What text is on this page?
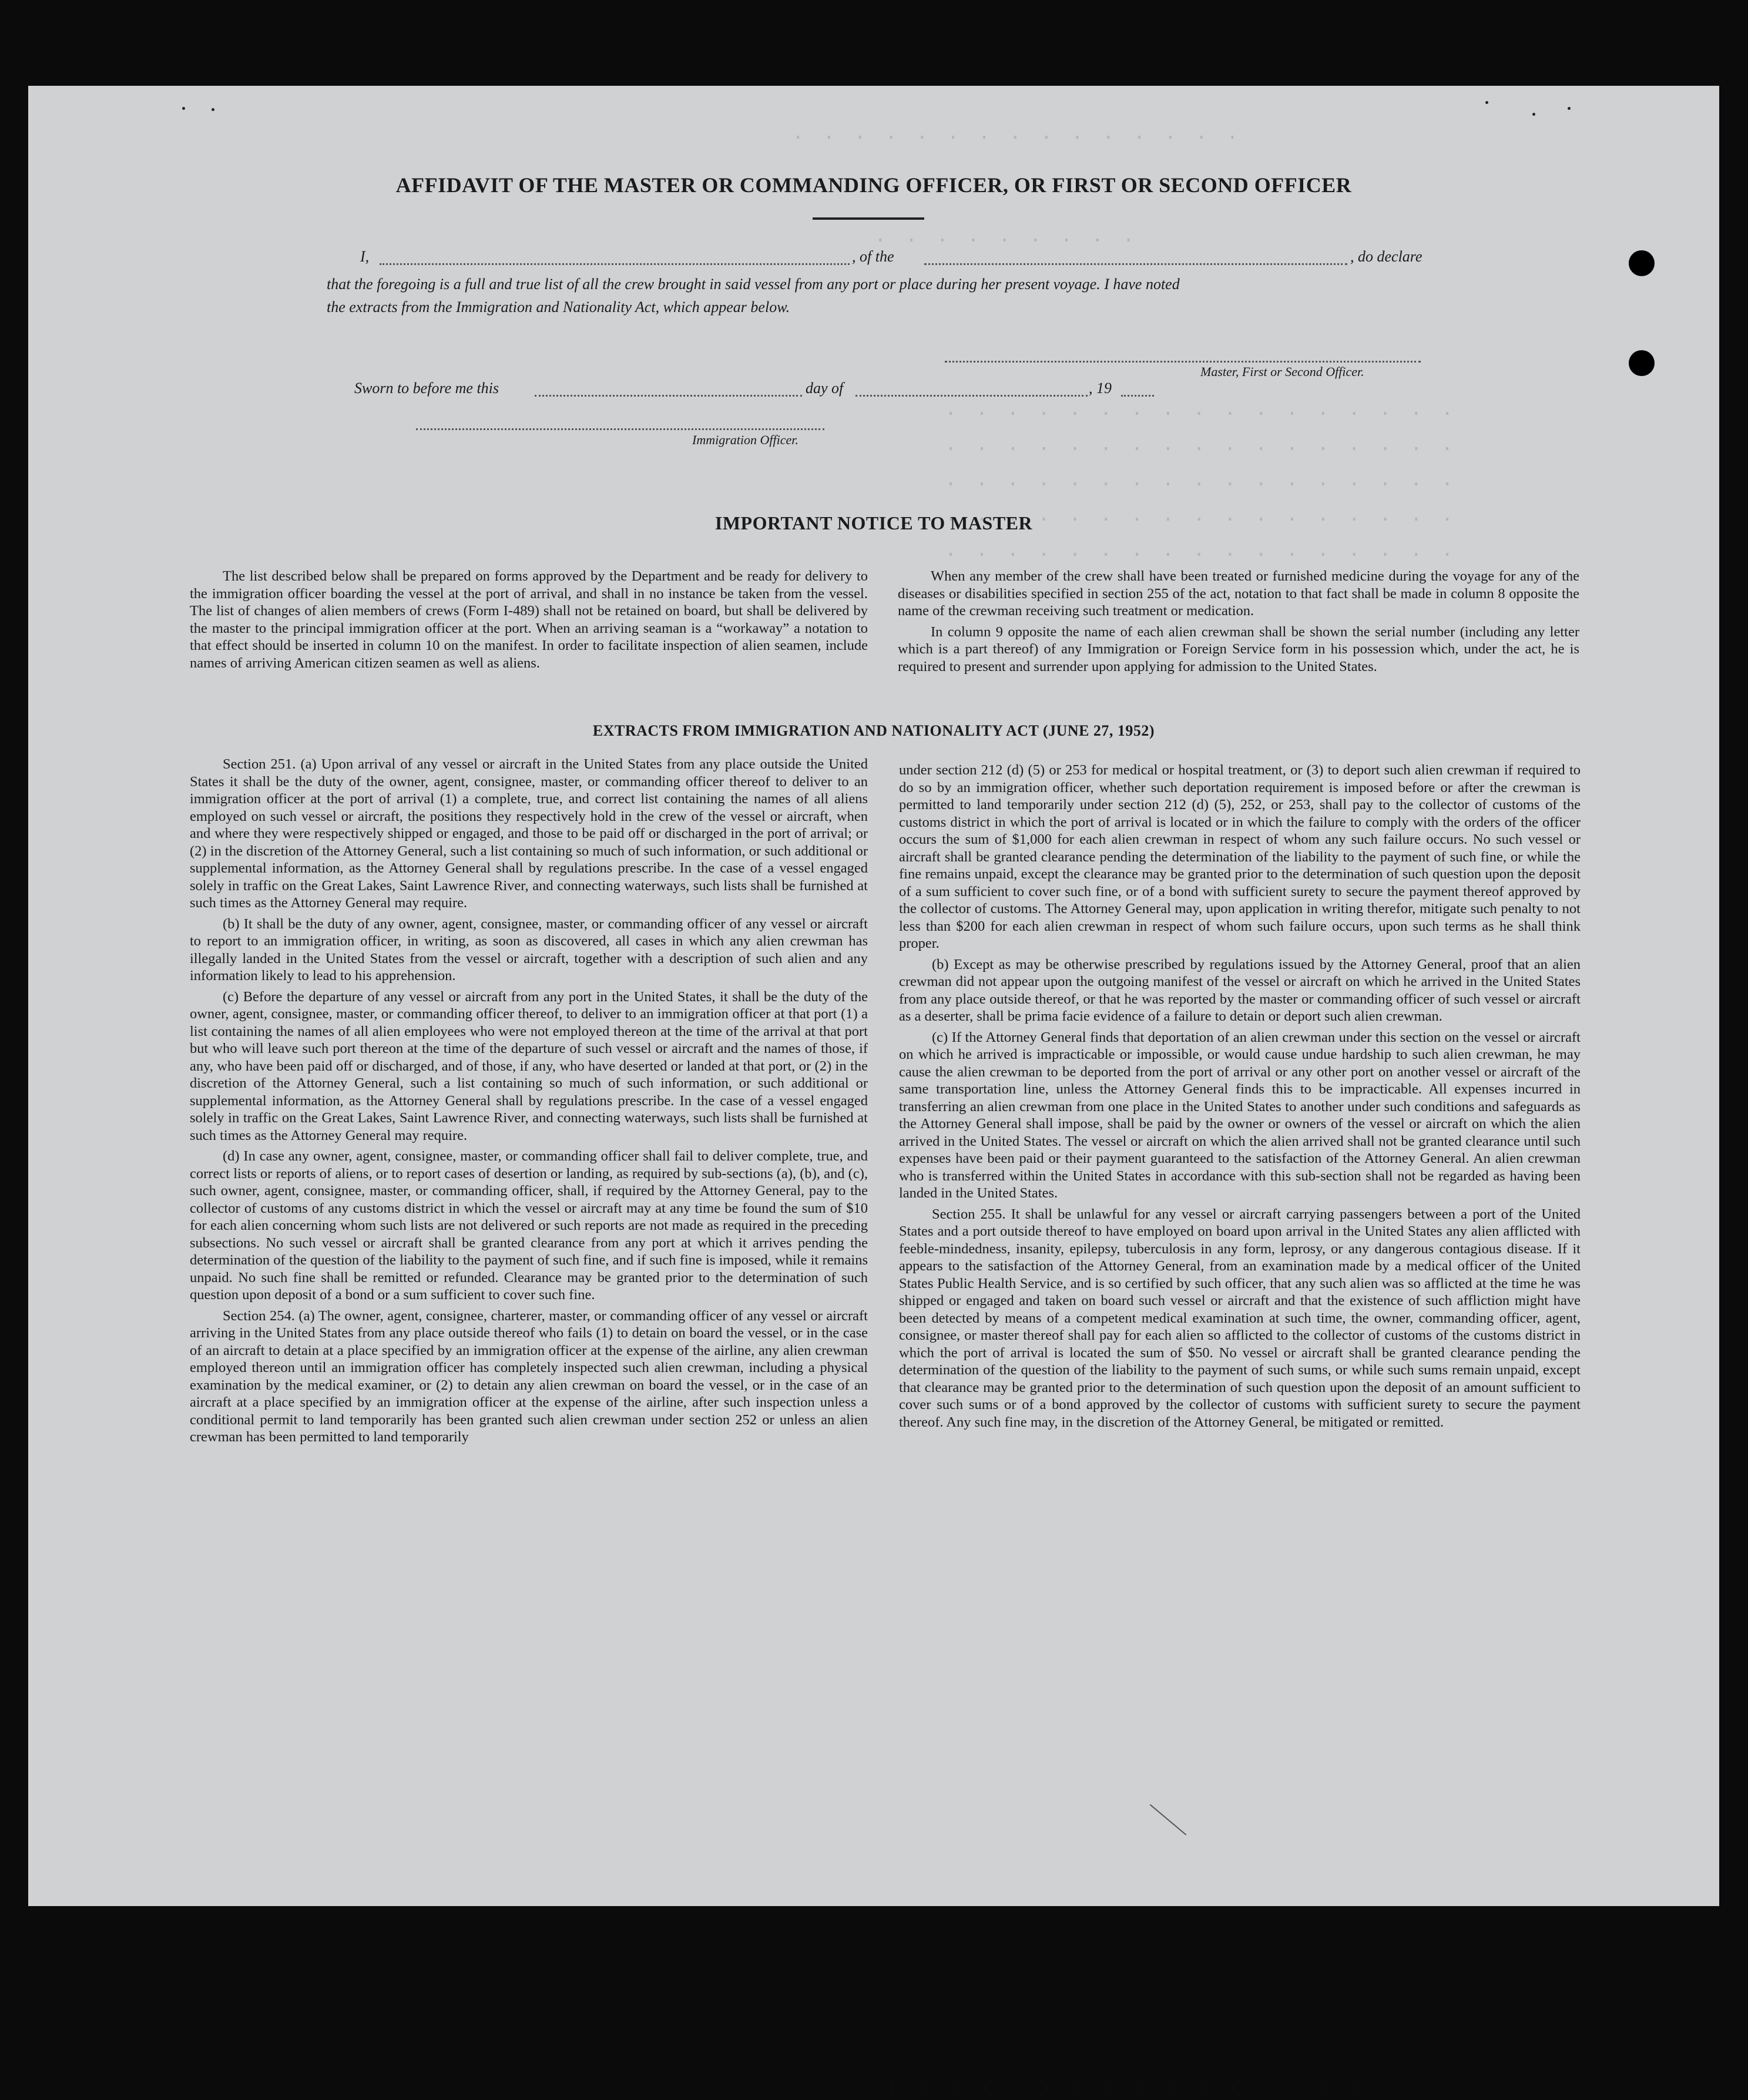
· · · · · · · · · · · · · · ·
· · · · · · · · ·
· · · · · · · · · · · · · · · · ·
· · · · · · · · · · · · · · · · ·
· · · · · · · · · · · · · · · · ·
· · · · · · · · · · · · · · · · ·
· · · · · · · · · · · · · · · · ·
· · · · · · · · · · · · · · · ·
AFFIDAVIT OF THE MASTER OR COMMANDING OFFICER, OR FIRST OR SECOND OFFICER
I,	, of the	, do declare
that the foregoing is a full and true list of all the crew brought in said vessel from any port or place during her present voyage. I have noted
the extracts from the Immigration and Nationality Act, which appear below.
Master, First or Second Officer.
Sworn to before me this	day of	, 19
Immigration Officer.
IMPORTANT NOTICE TO MASTER

The list described below shall be prepared on forms approved by the Department and be ready for delivery to the immigration officer boarding the vessel at the port of arrival, and shall in no instance be taken from the vessel. The list of changes of alien members of crews (Form I-489) shall not be retained on board, but shall be delivered by the master to the principal immigration officer at the port. When an arriving seaman is a “workaway” a notation to that effect should be inserted in column 10 on the manifest. In order to facilitate inspection of alien seamen, include names of arriving American citizen seamen as well as aliens.

When any member of the crew shall have been treated or furnished medicine during the voyage for any of the diseases or disabilities specified in section 255 of the act, notation to that fact shall be made in column 8 opposite the name of the crewman receiving such treatment or medication.

In column 9 opposite the name of each alien crewman shall be shown the serial number (including any letter which is a part thereof) of any Immigration or Foreign Service form in his possession which, under the act, he is required to present and surrender upon applying for admission to the United States.

EXTRACTS FROM IMMIGRATION AND NATIONALITY ACT (JUNE 27, 1952)

Section 251. (a) Upon arrival of any vessel or aircraft in the United States from any place outside the United States it shall be the duty of the owner, agent, consignee, master, or commanding officer thereof to deliver to an immigration officer at the port of arrival (1) a complete, true, and correct list containing the names of all aliens employed on such vessel or aircraft, the positions they respectively hold in the crew of the vessel or aircraft, when and where they were respectively shipped or engaged, and those to be paid off or discharged in the port of arrival; or (2) in the discretion of the Attorney General, such a list containing so much of such information, or such additional or supplemental information, as the Attorney General shall by regulations prescribe. In the case of a vessel engaged solely in traffic on the Great Lakes, Saint Lawrence River, and connecting waterways, such lists shall be furnished at such times as the Attorney General may require.

(b) It shall be the duty of any owner, agent, consignee, master, or commanding officer of any vessel or aircraft to report to an immigration officer, in writing, as soon as discovered, all cases in which any alien crewman has illegally landed in the United States from the vessel or aircraft, together with a description of such alien and any information likely to lead to his apprehension.

(c) Before the departure of any vessel or aircraft from any port in the United States, it shall be the duty of the owner, agent, consignee, master, or commanding officer thereof, to deliver to an immigration officer at that port (1) a list containing the names of all alien employees who were not employed thereon at the time of the arrival at that port but who will leave such port thereon at the time of the departure of such vessel or aircraft and the names of those, if any, who have been paid off or discharged, and of those, if any, who have deserted or landed at that port, or (2) in the discretion of the Attorney General, such a list containing so much of such information, or such additional or supplemental information, as the Attorney General shall by regulations prescribe. In the case of a vessel engaged solely in traffic on the Great Lakes, Saint Lawrence River, and connecting waterways, such lists shall be furnished at such times as the Attorney General may require.

(d) In case any owner, agent, consignee, master, or commanding officer shall fail to deliver complete, true, and correct lists or reports of aliens, or to report cases of desertion or landing, as required by sub-sections (a), (b), and (c), such owner, agent, consignee, master, or commanding officer, shall, if required by the Attorney General, pay to the collector of customs of any customs district in which the vessel or aircraft may at any time be found the sum of $10 for each alien concerning whom such lists are not delivered or such reports are not made as required in the preceding subsections. No such vessel or aircraft shall be granted clearance from any port at which it arrives pending the determination of the question of the liability to the payment of such fine, and if such fine is imposed, while it remains unpaid. No such fine shall be remitted or refunded. Clearance may be granted prior to the determination of such question upon deposit of a bond or a sum sufficient to cover such fine.

Section 254. (a) The owner, agent, consignee, charterer, master, or commanding officer of any vessel or aircraft arriving in the United States from any place outside thereof who fails (1) to detain on board the vessel, or in the case of an aircraft to detain at a place specified by an immigration officer at the expense of the airline, any alien crewman employed thereon until an immigration officer has completely inspected such alien crewman, including a physical examination by the medical examiner, or (2) to detain any alien crewman on board the vessel, or in the case of an aircraft at a place specified by an immigration officer at the expense of the airline, after such inspection unless a conditional permit to land temporarily has been granted such alien crewman under section 252 or unless an alien crewman has been permitted to land temporarily

under section 212 (d) (5) or 253 for medical or hospital treatment, or (3) to deport such alien crewman if required to do so by an immigration officer, whether such deportation requirement is imposed before or after the crewman is permitted to land temporarily under section 212 (d) (5), 252, or 253, shall pay to the collector of customs of the customs district in which the port of arrival is located or in which the failure to comply with the orders of the officer occurs the sum of $1,000 for each alien crewman in respect of whom any such failure occurs. No such vessel or aircraft shall be granted clearance pending the determination of the liability to the payment of such fine, or while the fine remains unpaid, except the clearance may be granted prior to the determination of such question upon the deposit of a sum sufficient to cover such fine, or of a bond with sufficient surety to secure the payment thereof approved by the collector of customs. The Attorney General may, upon application in writing therefor, mitigate such penalty to not less than $200 for each alien crewman in respect of whom such failure occurs, upon such terms as he shall think proper.

(b) Except as may be otherwise prescribed by regulations issued by the Attorney General, proof that an alien crewman did not appear upon the outgoing manifest of the vessel or aircraft on which he arrived in the United States from any place outside thereof, or that he was reported by the master or commanding officer of such vessel or aircraft as a deserter, shall be prima facie evidence of a failure to detain or deport such alien crewman.

(c) If the Attorney General finds that deportation of an alien crewman under this section on the vessel or aircraft on which he arrived is impracticable or impossible, or would cause undue hardship to such alien crewman, he may cause the alien crewman to be deported from the port of arrival or any other port on another vessel or aircraft of the same transportation line, unless the Attorney General finds this to be impracticable. All expenses incurred in transferring an alien crewman from one place in the United States to another under such conditions and safeguards as the Attorney General shall impose, shall be paid by the owner or owners of the vessel or aircraft on which the alien arrived in the United States. The vessel or aircraft on which the alien arrived shall not be granted clearance until such expenses have been paid or their payment guaranteed to the satisfaction of the Attorney General. An alien crewman who is transferred within the United States in accordance with this sub-section shall not be regarded as having been landed in the United States.

Section 255. It shall be unlawful for any vessel or aircraft carrying passengers between a port of the United States and a port outside thereof to have employed on board upon arrival in the United States any alien afflicted with feeble-mindedness, insanity, epilepsy, tuberculosis in any form, leprosy, or any dangerous contagious disease. If it appears to the satisfaction of the Attorney General, from an examination made by a medical officer of the United States Public Health Service, and is so certified by such officer, that any such alien was so afflicted at the time he was shipped or engaged and taken on board such vessel or aircraft and that the existence of such affliction might have been detected by means of a competent medical examination at such time, the owner, commanding officer, agent, consignee, or master thereof shall pay for each alien so afflicted to the collector of customs of the customs district in which the port of arrival is located the sum of $50. No vessel or aircraft shall be granted clearance pending the determination of the question of the liability to the payment of such sums, or while such sums remain unpaid, except that clearance may be granted prior to the determination of such question upon the deposit of an amount sufficient to cover such sums or of a bond approved by the collector of customs with sufficient surety to secure the payment thereof. Any such fine may, in the discretion of the Attorney General, be mitigated or remitted.
